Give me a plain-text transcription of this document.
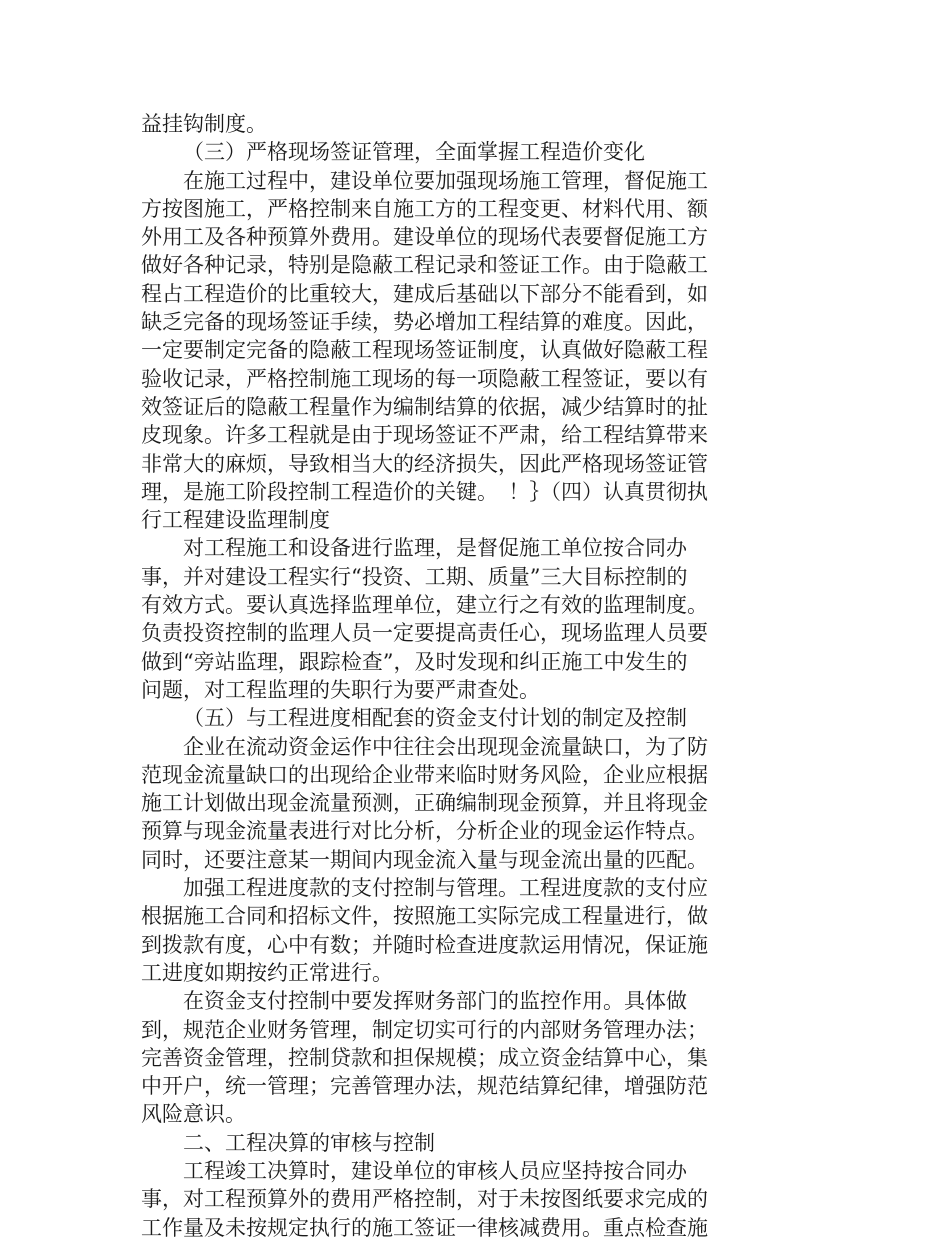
益挂钩制度。
（三）严格现场签证管理，全面掌握工程造价变化
在施工过程中，建设单位要加强现场施工管理，督促施工
方按图施工，严格控制来自施工方的工程变更、材料代用、额
外用工及各种预算外费用。建设单位的现场代表要督促施工方
做好各种记录，特别是隐蔽工程记录和签证工作。由于隐蔽工
程占工程造价的比重较大，建成后基础以下部分不能看到，如
缺乏完备的现场签证手续，势必增加工程结算的难度。因此，
一定要制定完备的隐蔽工程现场签证制度，认真做好隐蔽工程
验收记录，严格控制施工现场的每一项隐蔽工程签证，要以有
效签证后的隐蔽工程量作为编制结算的依据，减少结算时的扯
皮现象。许多工程就是由于现场签证不严肃，给工程结算带来
非常大的麻烦，导致相当大的经济损失，因此严格现场签证管
理，是施工阶段控制工程造价的关键。　！｝（四）认真贯彻执
行工程建设监理制度
对工程施工和设备进行监理，是督促施工单位按合同办
事，并对建设工程实行“投资、工期、质量”三大目标控制的
有效方式。要认真选择监理单位，建立行之有效的监理制度。
负责投资控制的监理人员一定要提高责任心，现场监理人员要
做到“旁站监理，跟踪检查”，及时发现和纠正施工中发生的
问题，对工程监理的失职行为要严肃查处。
（五）与工程进度相配套的资金支付计划的制定及控制
企业在流动资金运作中往往会出现现金流量缺口，为了防
范现金流量缺口的出现给企业带来临时财务风险，企业应根据
施工计划做出现金流量预测，正确编制现金预算，并且将现金
预算与现金流量表进行对比分析，分析企业的现金运作特点。
同时，还要注意某一期间内现金流入量与现金流出量的匹配。
加强工程进度款的支付控制与管理。工程进度款的支付应
根据施工合同和招标文件，按照施工实际完成工程量进行，做
到拨款有度，心中有数；并随时检查进度款运用情况，保证施
工进度如期按约正常进行。
在资金支付控制中要发挥财务部门的监控作用。具体做
到，规范企业财务管理，制定切实可行的内部财务管理办法；
完善资金管理，控制贷款和担保规模；成立资金结算中心，集
中开户，统一管理；完善管理办法，规范结算纪律，增强防范
风险意识。
二、工程决算的审核与控制
工程竣工决算时，建设单位的审核人员应坚持按合同办
事，对工程预算外的费用严格控制，对于未按图纸要求完成的
工作量及未按规定执行的施工签证一律核减费用。重点检查施
